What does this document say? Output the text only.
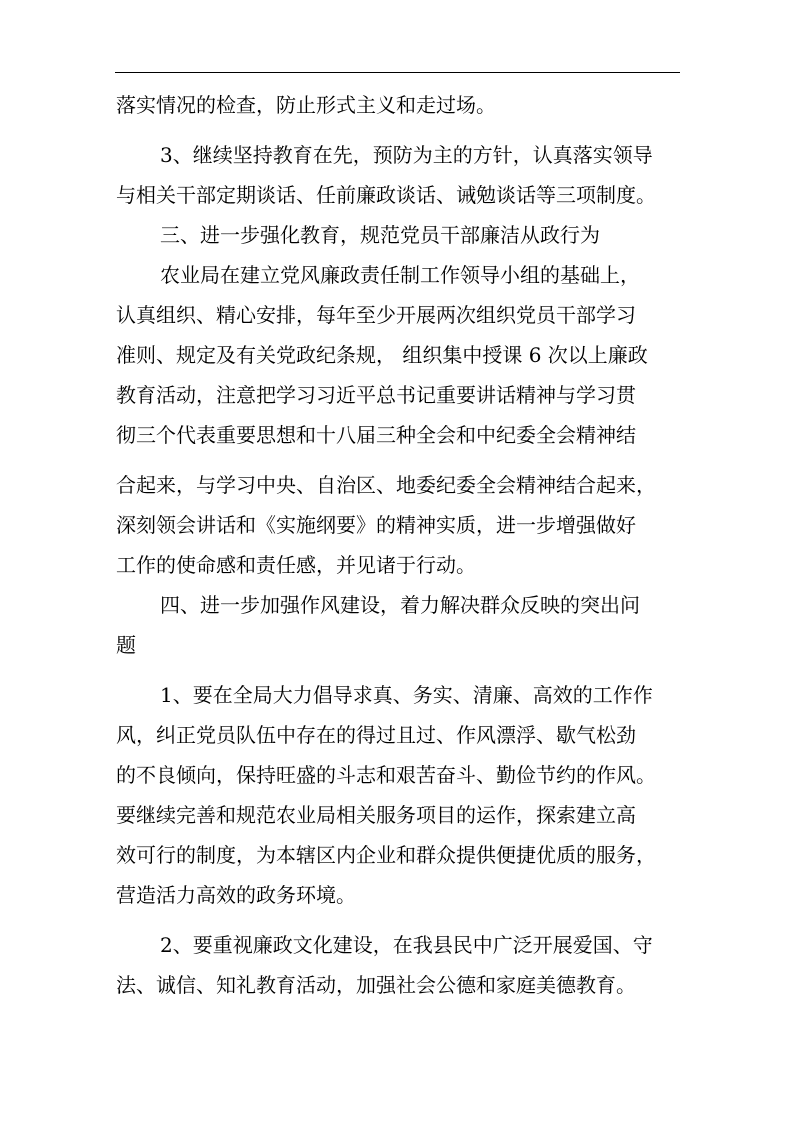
落实情况的检查，防止形式主义和走过场。
3、继续坚持教育在先，预防为主的方针，认真落实领导
与相关干部定期谈话、任前廉政谈话、诫勉谈话等三项制度。
三、进一步强化教育，规范党员干部廉洁从政行为
农业局在建立党风廉政责任制工作领导小组的基础上，
认真组织、精心安排，每年至少开展两次组织党员干部学习
准则、规定及有关党政纪条规， 组织集中授课 6 次以上廉政
教育活动，注意把学习习近平总书记重要讲话精神与学习贯
彻三个代表重要思想和十八届三种全会和中纪委全会精神结
合起来，与学习中央、自治区、地委纪委全会精神结合起来，
深刻领会讲话和《实施纲要》的精神实质，进一步增强做好
工作的使命感和责任感，并见诸于行动。
四、进一步加强作风建设，着力解决群众反映的突出问
题
1、要在全局大力倡导求真、务实、清廉、高效的工作作
风，纠正党员队伍中存在的得过且过、作风漂浮、歇气松劲
的不良倾向，保持旺盛的斗志和艰苦奋斗、勤俭节约的作风。
要继续完善和规范农业局相关服务项目的运作，探索建立高
效可行的制度，为本辖区内企业和群众提供便捷优质的服务，
营造活力高效的政务环境。
2、要重视廉政文化建设，在我县民中广泛开展爱国、守
法、诚信、知礼教育活动，加强社会公德和家庭美德教育。
